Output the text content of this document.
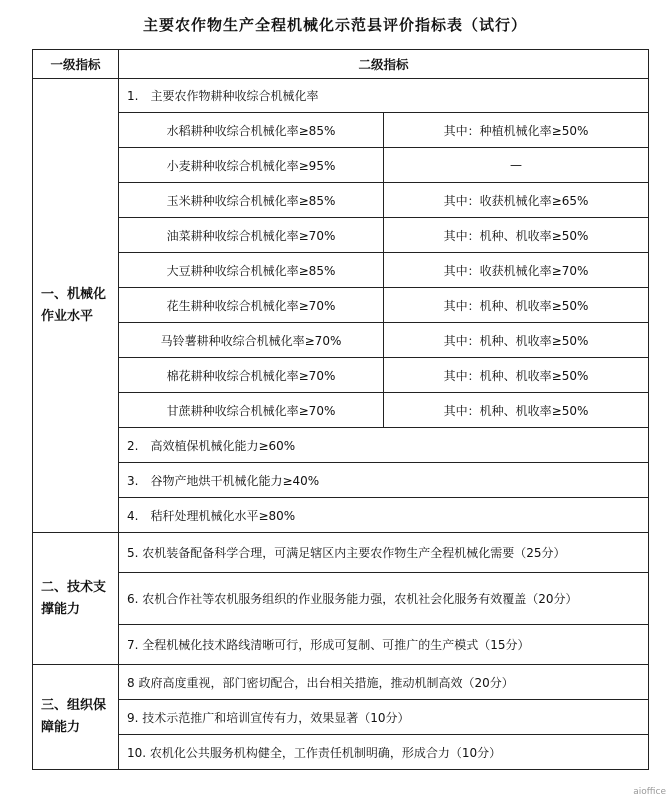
主要农作物生产全程机械化示范县评价指标表（试行）
一级指标	二级指标	
一、机械化作业水平	1.　主要农作物耕种收综合机械化率	
	水稻耕种收综合机械化率≥85%	其中：种植机械化率≥50%
	小麦耕种收综合机械化率≥95%	—
	玉米耕种收综合机械化率≥85%	其中：收获机械化率≥65%
	油菜耕种收综合机械化率≥70%	其中：机种、机收率≥50%
	大豆耕种收综合机械化率≥85%	其中：收获机械化率≥70%
	花生耕种收综合机械化率≥70%	其中：机种、机收率≥50%
	马铃薯耕种收综合机械化率≥70%	其中：机种、机收率≥50%
	棉花耕种收综合机械化率≥70%	其中：机种、机收率≥50%
	甘蔗耕种收综合机械化率≥70%	其中：机种、机收率≥50%
	2.　高效植保机械化能力≥60%	
	3.　谷物产地烘干机械化能力≥40%	
	4.　秸秆处理机械化水平≥80%	
二、技术支撑能力	5. 农机装备配备科学合理，可满足辖区内主要农作物生产全程机械化需要（25分）	
	6. 农机合作社等农机服务组织的作业服务能力强，农机社会化服务有效覆盖（20分）	
	7. 全程机械化技术路线清晰可行，形成可复制、可推广的生产模式（15分）	
三、组织保障能力	8 政府高度重视，部门密切配合，出台相关措施，推动机制高效（20分）	
	9. 技术示范推广和培训宣传有力，效果显著（10分）	
	10. 农机化公共服务机构健全，工作责任机制明确，形成合力（10分）	
aioffice
